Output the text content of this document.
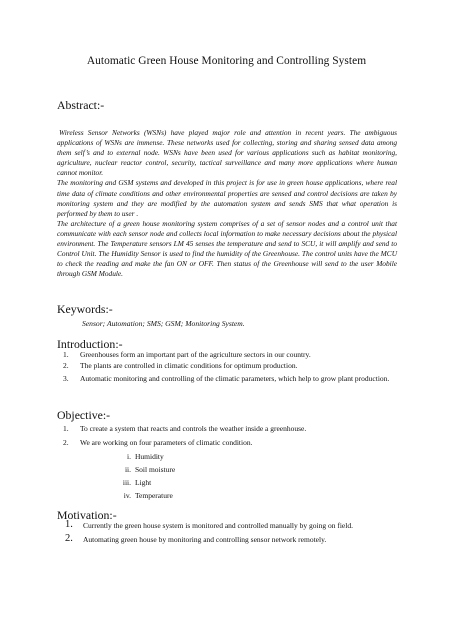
Automatic Green House Monitoring and Controlling System
Abstract:-

Wireless Sensor Networks (WSNs) have played major role and attention in recent years. The ambiguous applications of WSNs are immense. These networks used for collecting, storing and sharing sensed data among them self’s and to external node. WSNs have been used for various applications such as habitat monitoring, agriculture, nuclear reactor control, security, tactical surveillance and many more applications where human cannot monitor.

The monitoring and GSM systems and developed in this project is for use in green house applications, where real time data of climate conditions and other environmental properties are sensed and control decisions are taken by monitoring system and they are modified by the automation system and sends SMS that what operation is performed by them to user .

The architecture of a green house monitoring system comprises of a set of sensor nodes and a control unit that communicate with each sensor node and collects local information to make necessary decisions about the physical environment. The Temperature sensors LM 45 senses the temperature and send to SCU, it will amplify and send to Control Unit. The Humidity Sensor is used to find the humidity of the Greenhouse. The control units have the MCU to check the reading and make the fan ON or OFF. Then status of the Greenhouse will send to the user Mobile through GSM Module.

Keywords:-
Sensor; Automation; SMS; GSM; Monitoring System.
Introduction:-
1. Greenhouses form an important part of the agriculture sectors in our country.
2. The plants are controlled in climatic conditions for optimum production.
3. Automatic monitoring and controlling of the climatic parameters, which help to grow plant production.
Objective:-
1. To create a system that reacts and controls the weather inside a greenhouse.
2. We are working on four parameters of climatic condition.
i. Humidity
ii. Soil moisture
iii. Light
iv. Temperature
Motivation:-
1. Currently the green house system is monitored and controlled manually by going on field.
2. Automating green house by monitoring and controlling sensor network remotely.
